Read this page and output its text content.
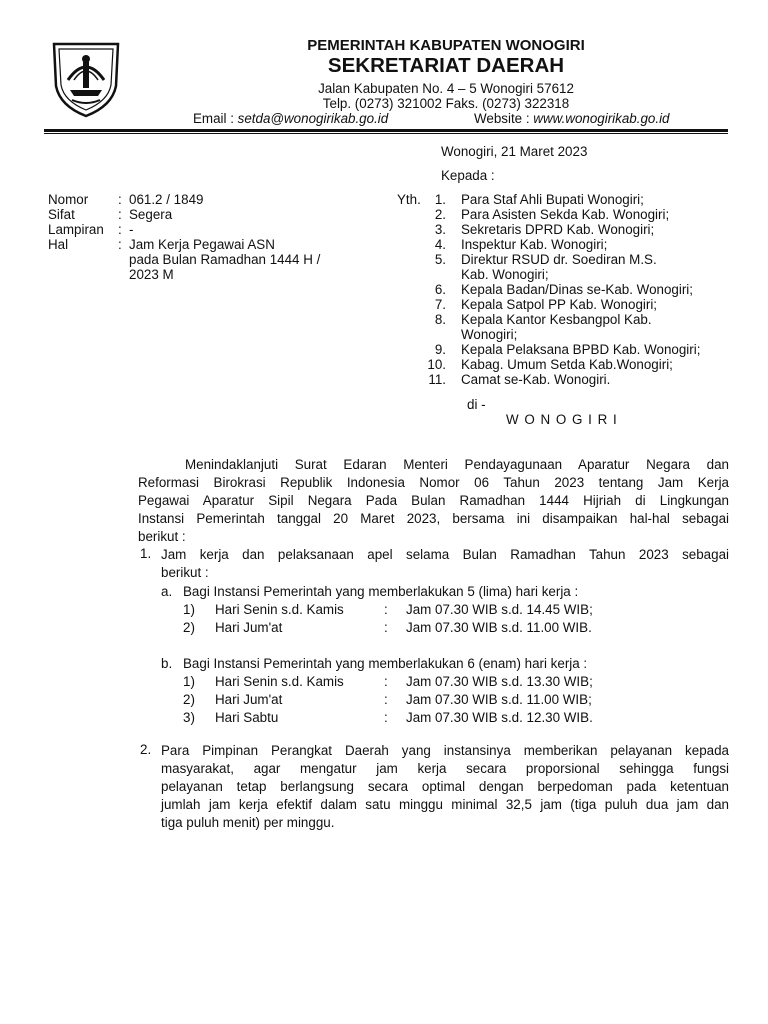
PEMERINTAH KABUPATEN WONOGIRI
SEKRETARIAT DAERAH
Jalan Kabupaten No. 4 – 5 Wonogiri 57612
Telp. (0273) 321002 Faks. (0273) 322318
Email : setda@wonogirikab.go.id	Website : www.wonogirikab.go.id
Wonogiri, 21 Maret 2023
Kepada :
Nomor : 061.2 / 1849
Sifat	: Segera
Lampiran : -
Hal	: Jam Kerja Pegawai ASN
pada Bulan Ramadhan 1444 H /
2023 M
Yth.	1. Para Staf Ahli Bupati Wonogiri;
2. Para Asisten Sekda Kab. Wonogiri;
3. Sekretaris DPRD Kab. Wonogiri;
4. Inspektur Kab. Wonogiri;
5. Direktur RSUD dr. Soediran M.S.
Kab. Wonogiri;
6. Kepala Badan/Dinas se-Kab. Wonogiri;
7. Kepala Satpol PP Kab. Wonogiri;
8. Kepala Kantor Kesbangpol Kab.
Wonogiri;
9. Kepala Pelaksana BPBD Kab. Wonogiri;
10. Kabag. Umum Setda Kab.Wonogiri;
11. Camat se-Kab. Wonogiri.
di -
W O N O G I R I
Menindaklanjuti Surat Edaran Menteri Pendayagunaan Aparatur Negara dan
Reformasi Birokrasi Republik Indonesia Nomor 06 Tahun 2023 tentang Jam Kerja
Pegawai Aparatur Sipil Negara Pada Bulan Ramadhan 1444 Hijriah di Lingkungan
Instansi Pemerintah tanggal 20 Maret 2023, bersama ini disampaikan hal-hal sebagai
berikut :
1. Jam kerja dan pelaksanaan apel selama Bulan Ramadhan Tahun 2023 sebagai
berikut :
a. Bagi Instansi Pemerintah yang memberlakukan 5 (lima) hari kerja :
1) Hari Senin s.d. Kamis	: Jam 07.30 WIB s.d. 14.45 WIB;
2) Hari Jum'at	: Jam 07.30 WIB s.d. 11.00 WIB.
b. Bagi Instansi Pemerintah yang memberlakukan 6 (enam) hari kerja :
1) Hari Senin s.d. Kamis	: Jam 07.30 WIB s.d. 13.30 WIB;
2) Hari Jum'at	: Jam 07.30 WIB s.d. 11.00 WIB;
3) Hari Sabtu	: Jam 07.30 WIB s.d. 12.30 WIB.
2. Para Pimpinan Perangkat Daerah yang instansinya memberikan pelayanan kepada
masyarakat, agar mengatur jam kerja secara proporsional sehingga fungsi
pelayanan tetap berlangsung secara optimal dengan berpedoman pada ketentuan
jumlah jam kerja efektif dalam satu minggu minimal 32,5 jam (tiga puluh dua jam dan
tiga puluh menit) per minggu.
